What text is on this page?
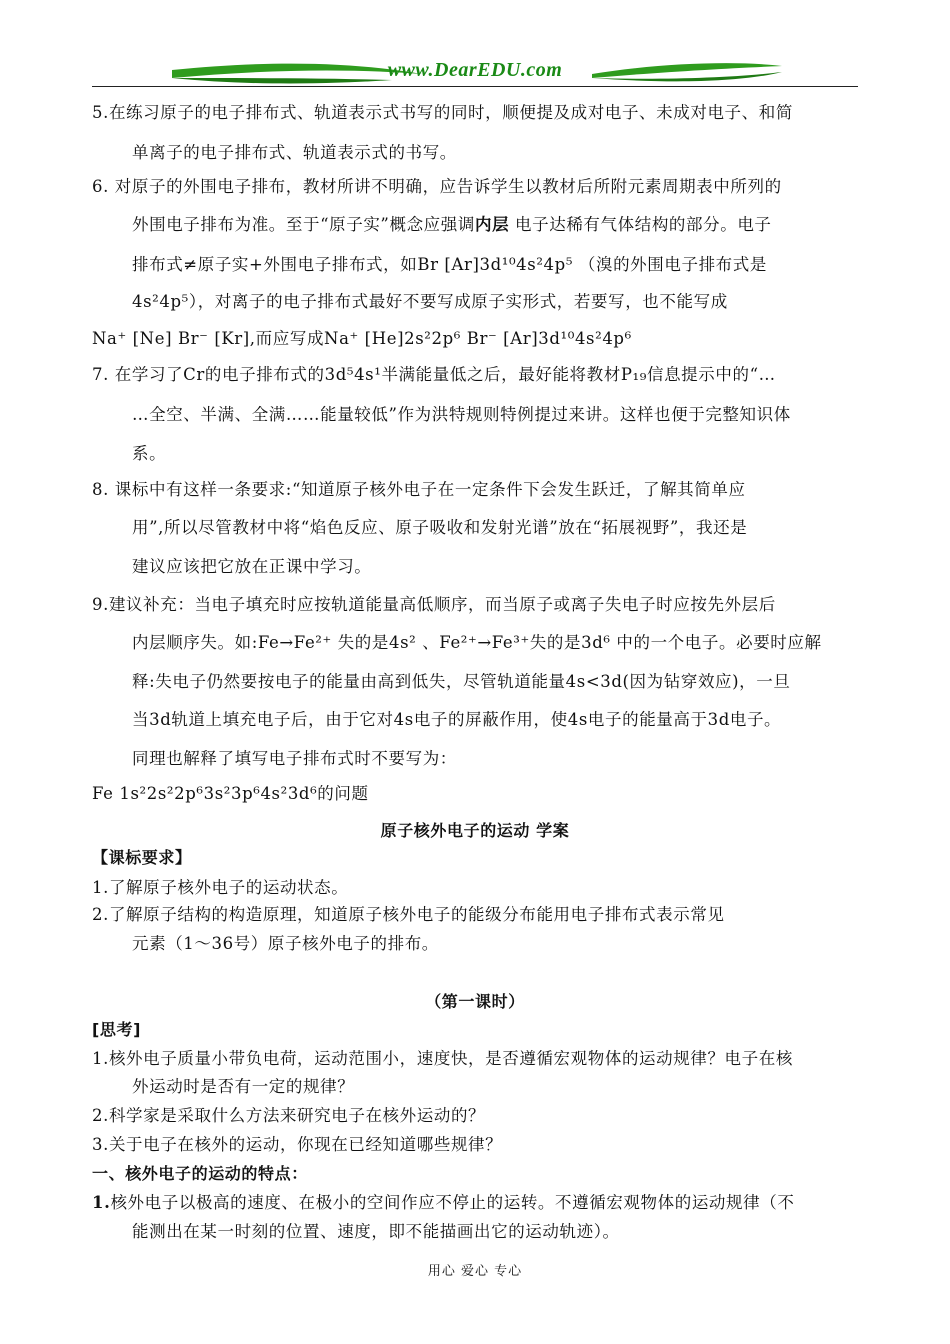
www.DearEDU.com
5.在练习原子的电子排布式、轨道表示式书写的同时，顺便提及成对电子、未成对电子、和简
单离子的电子排布式、轨道表示式的书写。
6. 对原子的外围电子排布，教材所讲不明确，应告诉学生以教材后所附元素周期表中所列的
外围电子排布为准。至于“原子实”概念应强调内层 电子达稀有气体结构的部分。电子
排布式≠原子实+外围电子排布式，如Br [Ar]3d¹⁰4s²4p⁵ （溴的外围电子排布式是
4s²4p⁵），对离子的电子排布式最好不要写成原子实形式，若要写，也不能写成
Na⁺ [Ne] Br⁻ [Kr],而应写成Na⁺ [He]2s²2p⁶ Br⁻ [Ar]3d¹⁰4s²4p⁶
7. 在学习了Cr的电子排布式的3d⁵4s¹半满能量低之后，最好能将教材P₁₉信息提示中的“…
…全空、半满、全满……能量较低”作为洪特规则特例提过来讲。这样也便于完整知识体
系。
8. 课标中有这样一条要求:“知道原子核外电子在一定条件下会发生跃迁，了解其简单应
用”,所以尽管教材中将“焰色反应、原子吸收和发射光谱”放在“拓展视野”，我还是
建议应该把它放在正课中学习。
9.建议补充：当电子填充时应按轨道能量高低顺序，而当原子或离子失电子时应按先外层后
内层顺序失。如:Fe→Fe²⁺ 失的是4s² 、Fe²⁺→Fe³⁺失的是3d⁶ 中的一个电子。必要时应解
释:失电子仍然要按电子的能量由高到低失，尽管轨道能量4s<3d(因为钻穿效应)，一旦
当3d轨道上填充电子后，由于它对4s电子的屏蔽作用，使4s电子的能量高于3d电子。
同理也解释了填写电子排布式时不要写为：
Fe 1s²2s²2p⁶3s²3p⁶4s²3d⁶的问题
原子核外电子的运动 学案
【课标要求】
1.了解原子核外电子的运动状态。
2.了解原子结构的构造原理，知道原子核外电子的能级分布能用电子排布式表示常见
元素（1～36号）原子核外电子的排布。
（第一课时）
[思考]
1.核外电子质量小带负电荷，运动范围小，速度快，是否遵循宏观物体的运动规律？电子在核
外运动时是否有一定的规律？
2.科学家是采取什么方法来研究电子在核外运动的？
3.关于电子在核外的运动，你现在已经知道哪些规律？
一、核外电子的运动的特点：
1.核外电子以极高的速度、在极小的空间作应不停止的运转。不遵循宏观物体的运动规律（不
能测出在某一时刻的位置、速度，即不能描画出它的运动轨迹）。
用心 爱心 专心
